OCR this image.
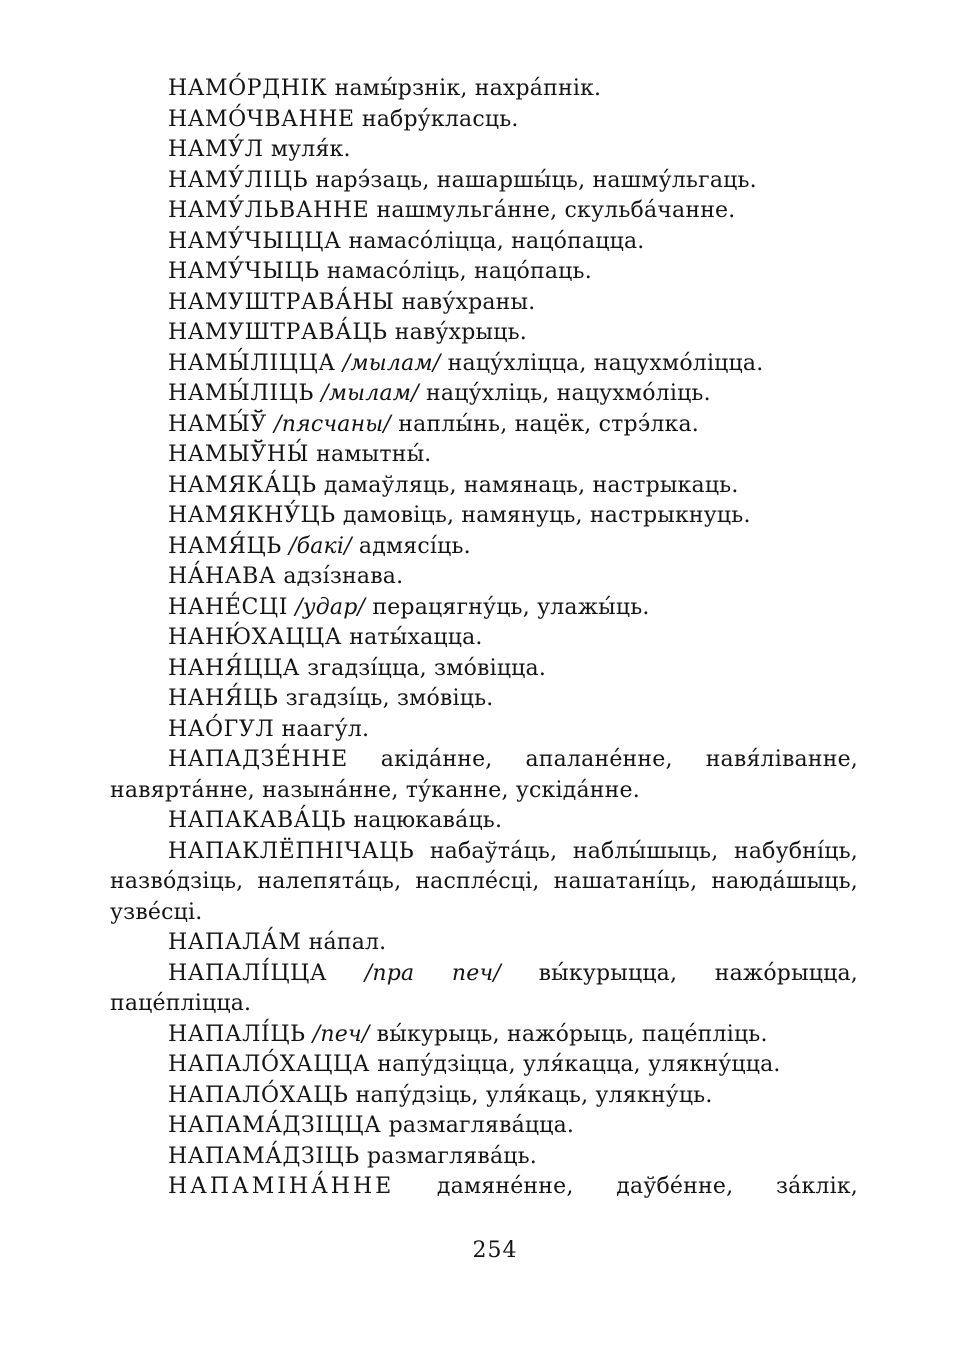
НАМО́РДНІК намы́рзнік, нахра́пнік.
НАМО́ЧВАННЕ набру́класць.
НАМУ́Л муля́к.
НАМУ́ЛІЦЬ нарэ́заць, нашаршы́ць, нашму́льгаць.
НАМУ́ЛЬВАННЕ нашмульга́нне, скульба́чанне.
НАМУ́ЧЫЦЦА намасо́ліцца, нацо́пацца.
НАМУ́ЧЫЦЬ намасо́ліць, нацо́паць.
НАМУШТРАВА́НЫ наву́храны.
НАМУШТРАВА́ЦЬ наву́хрыць.
НАМЫ́ЛІЦЦА /мылам/ нацу́хліцца, нацухмо́ліцца.
НАМЫ́ЛІЦЬ /мылам/ нацу́хліць, нацухмо́ліць.
НАМЫ́Ў /пясчаны/ наплы́нь, нацёк, стрэ́лка.
НАМЫЎНЫ́ намытны́.
НАМЯКА́ЦЬ дамаўляць, намянаць, настрыкаць.
НАМЯКНУ́ЦЬ дамовіць, намянуць, настрыкнуць.
НАМЯ́ЦЬ /бакі/ адмясі́ць.
НА́НАВА адзі́знава.
НАНЕ́СЦІ /удар/ перацягну́ць, улажы́ць.
НАНЮ́ХАЦЦА наты́хацца.
НАНЯ́ЦЦА згадзі́цца, змо́віцца.
НАНЯ́ЦЬ згадзі́ць, змо́віць.
НАО́ГУЛ наагу́л.
НАПАДЗЕ́ННЕ акіда́нне, апалане́нне, навя́ліванне,
навярта́нне, назына́нне, ту́канне, ускіда́нне.
НАПАКАВА́ЦЬ нацюкава́ць.
НАПАКЛЁПНІЧАЦЬ набаўта́ць, наблы́шыць, набубні́ць,
назво́дзіць, налепята́ць, наспле́сці, нашатані́ць, наюда́шыць,
узве́сці.
НАПАЛА́М на́пал.
НАПАЛІ́ЦЦА /пра печ/ вы́курыцца, нажо́рыцца,
паце́пліцца.
НАПАЛІ́ЦЬ /печ/ вы́курыць, нажо́рыць, паце́пліць.
НАПАЛО́ХАЦЦА напу́дзіцца, уля́кацца, улякну́цца.
НАПАЛО́ХАЦЬ напу́дзіць, уля́каць, улякну́ць.
НАПАМА́ДЗІЦЦА размаглява́цца.
НАПАМА́ДЗІЦЬ размаглява́ць.
НАПАМІНА́ННЕ дамяне́нне, даўбе́нне, за́клік,
254
